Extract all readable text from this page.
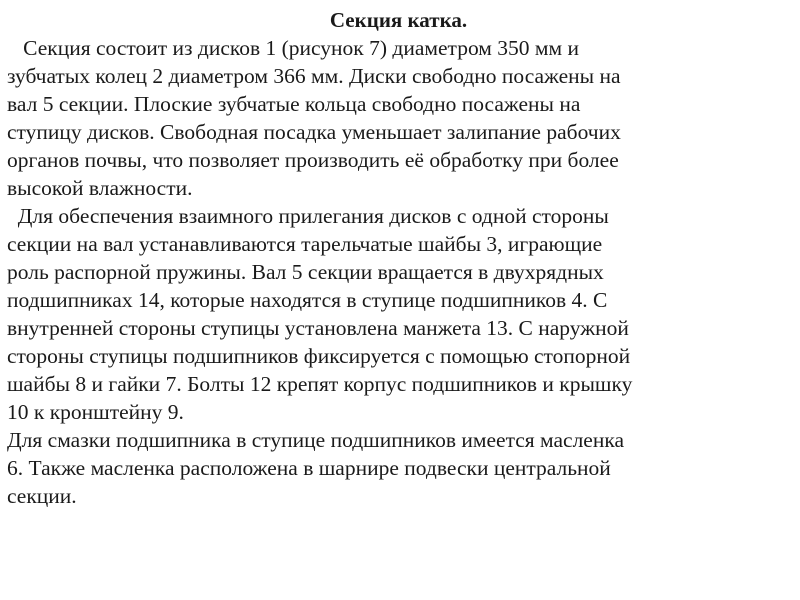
Секция катка.

Секция состоит из дисков 1 (рисунок 7) диаметром 350 мм и
зубчатых колец 2 диаметром 366 мм. Диски свободно посажены на
вал 5 секции. Плоские зубчатые кольца свободно посажены на
ступицу дисков. Свободная посадка уменьшает залипание рабочих
органов почвы, что позволяет производить её обработку при более
высокой влажности.

Для обеспечения взаимного прилегания дисков с одной стороны
секции на вал устанавливаются тарельчатые шайбы 3, играющие
роль распорной пружины. Вал 5 секции вращается в двухрядных
подшипниках 14, которые находятся в ступице подшипников 4. С
внутренней стороны ступицы установлена манжета 13. С наружной
стороны ступицы подшипников фиксируется с помощью стопорной
шайбы 8 и гайки 7. Болты 12 крепят корпус подшипников и крышку
10 к кронштейну 9.

Для смазки подшипника в ступице подшипников имеется масленка
6. Также масленка расположена в шарнире подвески центральной
секции.
